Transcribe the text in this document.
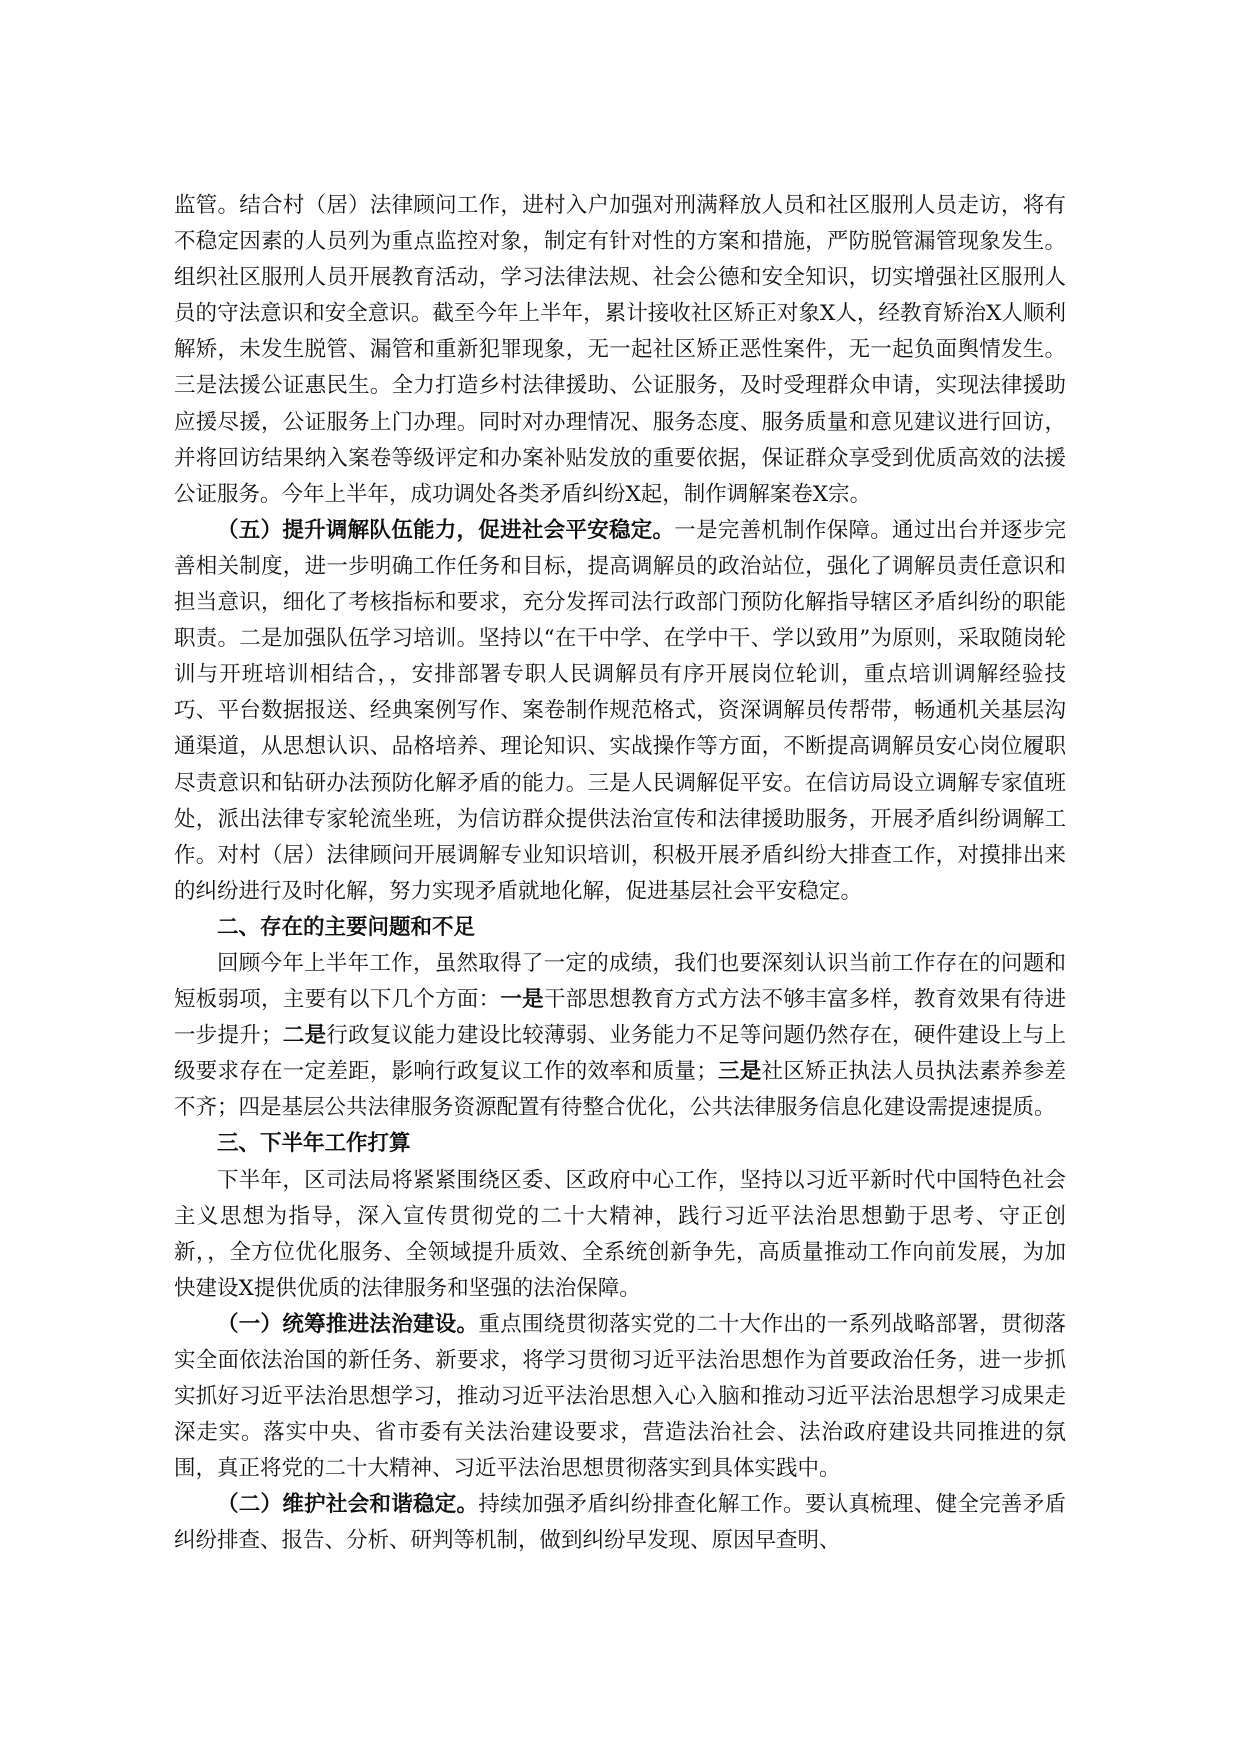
监管。结合村（居）法律顾问工作，进村入户加强对刑满释放人员和社区服刑人员走访，将有不稳定因素的人员列为重点监控对象，制定有针对性的方案和措施，严防脱管漏管现象发生。组织社区服刑人员开展教育活动，学习法律法规、社会公德和安全知识，切实增强社区服刑人员的守法意识和安全意识。截至今年上半年，累计接收社区矫正对象X人，经教育矫治X人顺利解矫，未发生脱管、漏管和重新犯罪现象，无一起社区矫正恶性案件，无一起负面舆情发生。三是法援公证惠民生。全力打造乡村法律援助、公证服务，及时受理群众申请，实现法律援助应援尽援，公证服务上门办理。同时对办理情况、服务态度、服务质量和意见建议进行回访，并将回访结果纳入案卷等级评定和办案补贴发放的重要依据，保证群众享受到优质高效的法援公证服务。今年上半年，成功调处各类矛盾纠纷X起，制作调解案卷X宗。

（五）提升调解队伍能力，促进社会平安稳定。一是完善机制作保障。通过出台并逐步完善相关制度，进一步明确工作任务和目标，提高调解员的政治站位，强化了调解员责任意识和担当意识，细化了考核指标和要求，充分发挥司法行政部门预防化解指导辖区矛盾纠纷的职能职责。二是加强队伍学习培训。坚持以“在干中学、在学中干、学以致用”为原则，采取随岗轮训与开班培训相结合，，安排部署专职人民调解员有序开展岗位轮训，重点培训调解经验技巧、平台数据报送、经典案例写作、案卷制作规范格式，资深调解员传帮带，畅通机关基层沟通渠道，从思想认识、品格培养、理论知识、实战操作等方面，不断提高调解员安心岗位履职尽责意识和钻研办法预防化解矛盾的能力。三是人民调解促平安。在信访局设立调解专家值班处，派出法律专家轮流坐班，为信访群众提供法治宣传和法律援助服务，开展矛盾纠纷调解工作。对村（居）法律顾问开展调解专业知识培训，积极开展矛盾纠纷大排查工作，对摸排出来的纠纷进行及时化解，努力实现矛盾就地化解，促进基层社会平安稳定。

二、存在的主要问题和不足

回顾今年上半年工作，虽然取得了一定的成绩，我们也要深刻认识当前工作存在的问题和短板弱项，主要有以下几个方面：一是干部思想教育方式方法不够丰富多样，教育效果有待进一步提升；二是行政复议能力建设比较薄弱、业务能力不足等问题仍然存在，硬件建设上与上级要求存在一定差距，影响行政复议工作的效率和质量；三是社区矫正执法人员执法素养参差不齐；四是基层公共法律服务资源配置有待整合优化，公共法律服务信息化建设需提速提质。

三、下半年工作打算

下半年，区司法局将紧紧围绕区委、区政府中心工作，坚持以习近平新时代中国特色社会主义思想为指导，深入宣传贯彻党的二十大精神，践行习近平法治思想勤于思考、守正创新，，全方位优化服务、全领域提升质效、全系统创新争先，高质量推动工作向前发展，为加快建设X提供优质的法律服务和坚强的法治保障。

（一）统筹推进法治建设。重点围绕贯彻落实党的二十大作出的一系列战略部署，贯彻落实全面依法治国的新任务、新要求，将学习贯彻习近平法治思想作为首要政治任务，进一步抓实抓好习近平法治思想学习，推动习近平法治思想入心入脑和推动习近平法治思想学习成果走深走实。落实中央、省市委有关法治建设要求，营造法治社会、法治政府建设共同推进的氛围，真正将党的二十大精神、习近平法治思想贯彻落实到具体实践中。

（二）维护社会和谐稳定。持续加强矛盾纠纷排查化解工作。要认真梳理、健全完善矛盾纠纷排查、报告、分析、研判等机制，做到纠纷早发现、原因早查明、
